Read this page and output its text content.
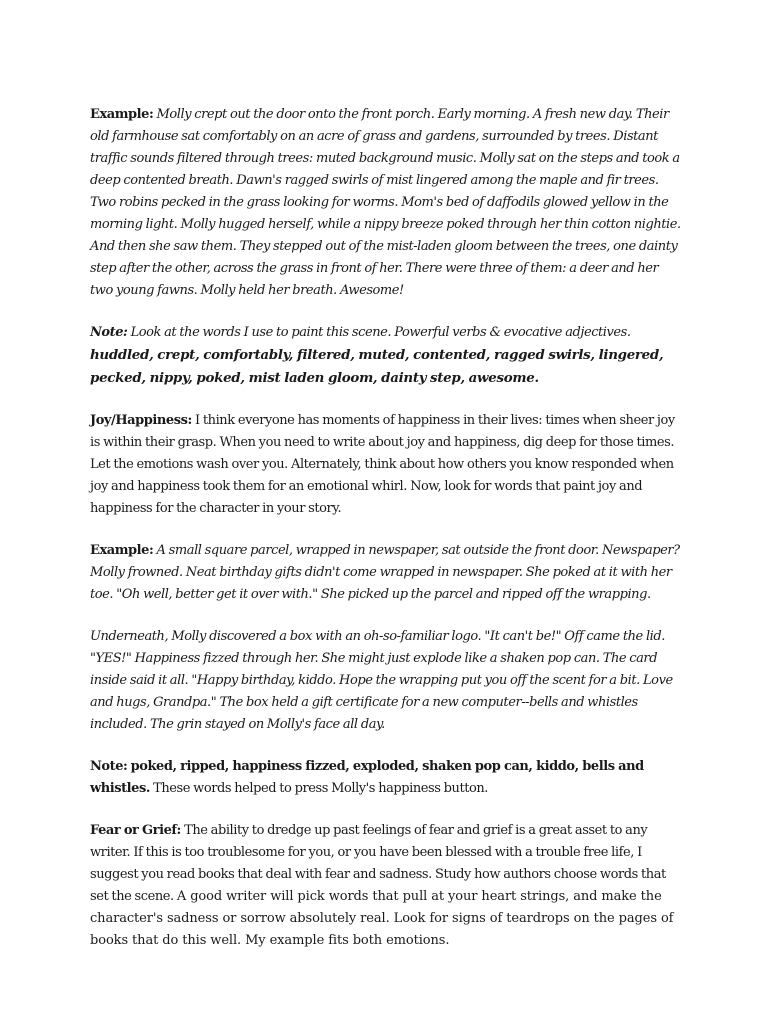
Example: Molly crept out the door onto the front porch. Early morning. A fresh new day. Their old farmhouse sat comfortably on an acre of grass and gardens, surrounded by trees. Distant traffic sounds filtered through trees: muted background music. Molly sat on the steps and took a deep contented breath. Dawn's ragged swirls of mist lingered among the maple and fir trees. Two robins pecked in the grass looking for worms. Mom's bed of daffodils glowed yellow in the morning light. Molly hugged herself, while a nippy breeze poked through her thin cotton nightie. And then she saw them. They stepped out of the mist-laden gloom between the trees, one dainty step after the other, across the grass in front of her. There were three of them: a deer and her two young fawns. Molly held her breath. Awesome!

Note: Look at the words I use to paint this scene. Powerful verbs & evocative adjectives. huddled, crept, comfortably, filtered, muted, contented, ragged swirls, lingered, pecked, nippy, poked, mist laden gloom, dainty step, awesome.

Joy/Happiness: I think everyone has moments of happiness in their lives: times when sheer joy is within their grasp. When you need to write about joy and happiness, dig deep for those times. Let the emotions wash over you. Alternately, think about how others you know responded when joy and happiness took them for an emotional whirl. Now, look for words that paint joy and happiness for the character in your story.

Example: A small square parcel, wrapped in newspaper, sat outside the front door. Newspaper? Molly frowned. Neat birthday gifts didn't come wrapped in newspaper. She poked at it with her toe. "Oh well, better get it over with." She picked up the parcel and ripped off the wrapping.

Underneath, Molly discovered a box with an oh-so-familiar logo. "It can't be!" Off came the lid. "YES!" Happiness fizzed through her. She might just explode like a shaken pop can. The card inside said it all. "Happy birthday, kiddo. Hope the wrapping put you off the scent for a bit. Love and hugs, Grandpa." The box held a gift certificate for a new computer--bells and whistles included. The grin stayed on Molly's face all day.

Note: poked, ripped, happiness fizzed, exploded, shaken pop can, kiddo, bells and whistles. These words helped to press Molly's happiness button.

Fear or Grief: The ability to dredge up past feelings of fear and grief is a great asset to any writer. If this is too troublesome for you, or you have been blessed with a trouble free life, I suggest you read books that deal with fear and sadness. Study how authors choose words that set the scene. A good writer will pick words that pull at your heart strings, and make the character's sadness or sorrow absolutely real. Look for signs of teardrops on the pages of books that do this well. My example fits both emotions.
